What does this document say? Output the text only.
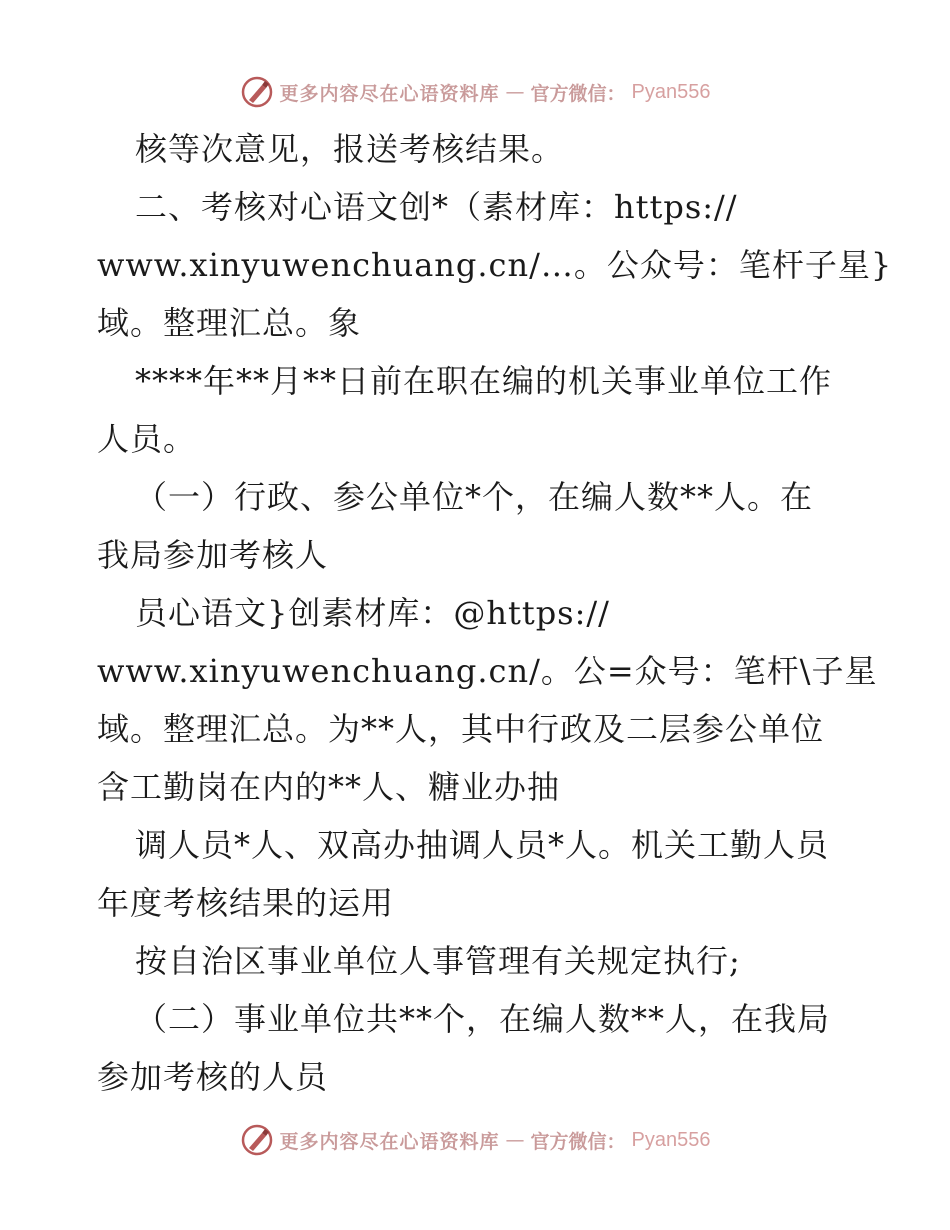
更多内容尽在心语资料库 — 官方微信： Pyan556
核等次意见，报送考核结果。
二、考核对心语文创*（素材库：https://
www.xinyuwenchuang.cn/…。公众号：笔杆子星}
域。整理汇总。象
****年**月**日前在职在编的机关事业单位工作
人员。
（一）行政、参公单位*个，在编人数**人。在
我局参加考核人
员心语文}创素材库：@https://
www.xinyuwenchuang.cn/。公=众号：笔杆\子星
域。整理汇总。为**人，其中行政及二层参公单位
含工勤岗在内的**人、糖业办抽
调人员*人、双高办抽调人员*人。机关工勤人员
年度考核结果的运用
按自治区事业单位人事管理有关规定执行;
（二）事业单位共**个，在编人数**人，在我局
参加考核的人员
更多内容尽在心语资料库 — 官方微信： Pyan556
